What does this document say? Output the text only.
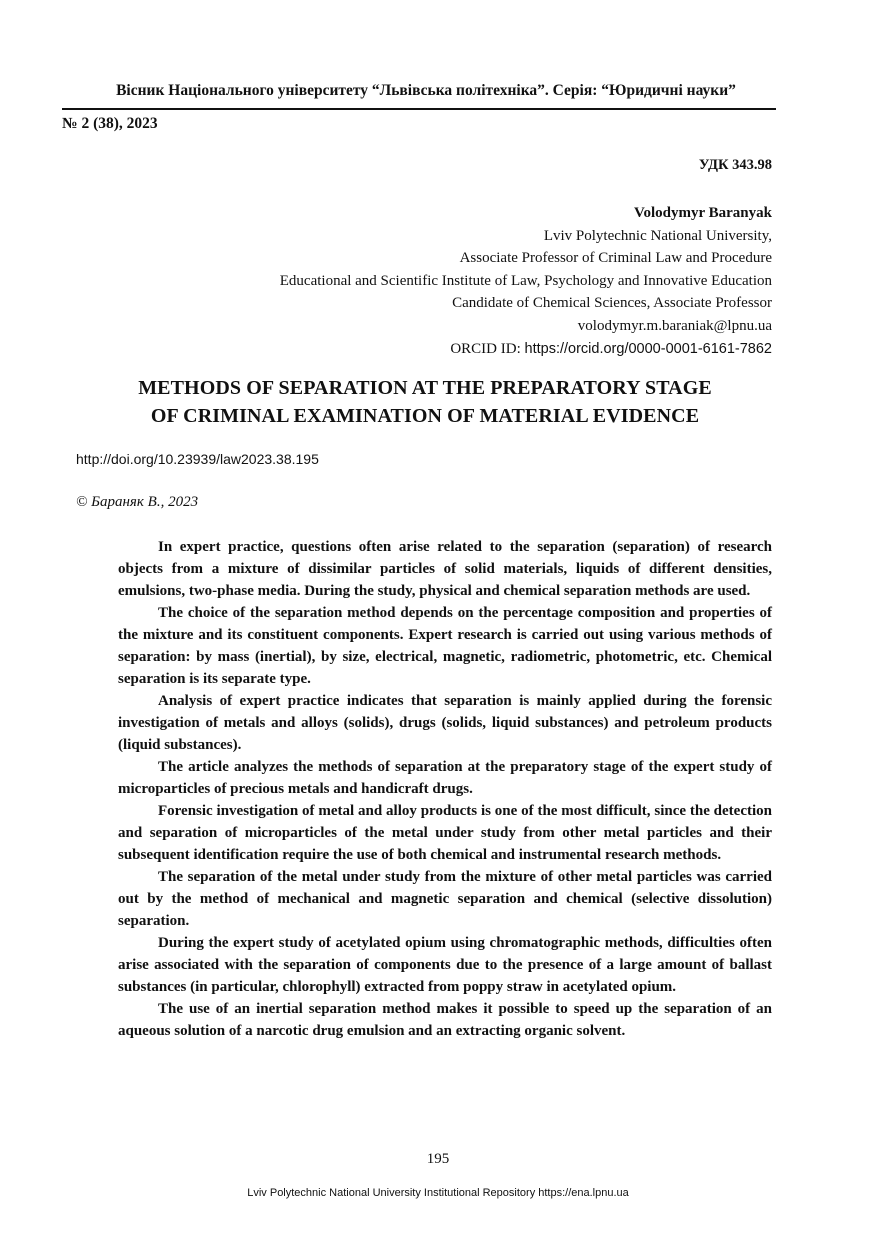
Вісник Національного університету “Львівська політехніка”. Серія: “Юридичні науки”
№ 2 (38), 2023
УДК 343.98
Volodymyr Baranyak
Lviv Polytechnic National University,
Associate Professor of Criminal Law and Procedure
Educational and Scientific Institute of Law, Psychology and Innovative Education
Candidate of Chemical Sciences, Associate Professor
volodymyr.m.baraniak@lpnu.ua
ORCID ID: https://orcid.org/0000-0001-6161-7862
METHODS OF SEPARATION AT THE PREPARATORY STAGE
OF CRIMINAL EXAMINATION OF MATERIAL EVIDENCE
http://doi.org/10.23939/law2023.38.195
© Бараняк В., 2023

In expert practice, questions often arise related to the separation (separation) of research objects from a mixture of dissimilar particles of solid materials, liquids of different densities, emulsions, two-phase media. During the study, physical and chemical separation methods are used.

The choice of the separation method depends on the percentage composition and properties of the mixture and its constituent components. Expert research is carried out using various methods of separation: by mass (inertial), by size, electrical, magnetic, radiometric, photometric, etc. Chemical separation is its separate type.

Analysis of expert practice indicates that separation is mainly applied during the forensic investigation of metals and alloys (solids), drugs (solids, liquid substances) and petroleum products (liquid substances).

The article analyzes the methods of separation at the preparatory stage of the expert study of microparticles of precious metals and handicraft drugs.

Forensic investigation of metal and alloy products is one of the most difficult, since the detection and separation of microparticles of the metal under study from other metal particles and their subsequent identification require the use of both chemical and instrumental research methods.

The separation of the metal under study from the mixture of other metal particles was carried out by the method of mechanical and magnetic separation and chemical (selective dissolution) separation.

During the expert study of acetylated opium using chromatographic methods, difficulties often arise associated with the separation of components due to the presence of a large amount of ballast substances (in particular, chlorophyll) extracted from poppy straw in acetylated opium.

The use of an inertial separation method makes it possible to speed up the separation of an aqueous solution of a narcotic drug emulsion and an extracting organic solvent.

195
Lviv Polytechnic National University Institutional Repository https://ena.lpnu.ua
